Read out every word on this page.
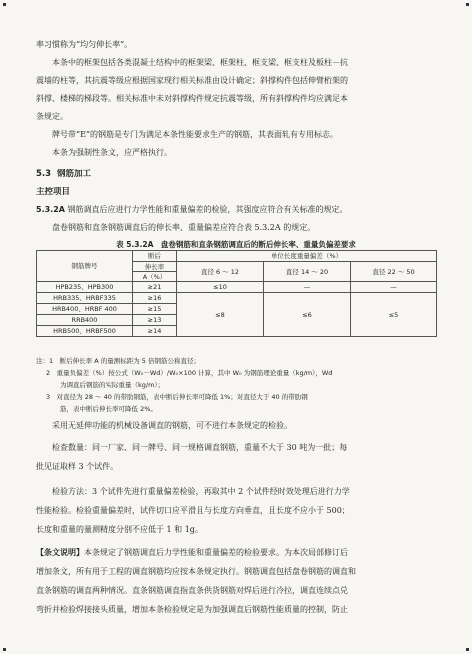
率习惯称为“均匀伸长率”。

本条中的框架包括各类混凝土结构中的框架梁、框架柱、框支梁、框支柱及板柱－抗

震墙的柱等，其抗震等级应根据国家现行相关标准由设计确定；斜撑构件包括伸臂桁架的

斜撑、楼梯的梯段等。相关标准中未对斜撑构件规定抗震等级，所有斜撑构件均应满足本

条规定。

牌号带“E”的钢筋是专门为满足本条性能要求生产的钢筋，其表面轧有专用标志。

本条为强制性条文，应严格执行。

5.3 钢筋加工
主控项目
5.3.2A 钢筋调直后应进行力学性能和重量偏差的检验，其强度应符合有关标准的规定。

盘卷钢筋和直条钢筋调直后的伸长率、重量偏差应符合表 5.3.2A 的规定。

表 5.3.2A　盘卷钢筋和直条钢筋调直后的断后伸长率、重量负偏差要求
钢筋牌号	断后	单位长度重量偏差（%）		
	伸长率	直径 6 ～ 12	直径 14 ～ 20	直径 22 ～ 50
	A（%）			
HPB235、HPB300	≥21	≤10	—	—
HRB335、HRBF335	≥16	≤8	≤6	≤5
HRB400、HRBF 400	≥15			
RRB400	≥13			
HRB500、HRBF500	≥14			
注：1　断后伸长率 A 的量测标距为 5 倍钢筋公称直径；
2　重量负偏差（%）按公式（W₀－Wd）/W₀×100 计算，其中 W₀ 为钢筋理论重量（kg/m），Wd
为调直后钢筋的实际重量（kg/m）；
3　对直径为 28 ～ 40 的带肋钢筋，表中断后伸长率可降低 1%；对直径大于 40 的带肋钢
筋，表中断后伸长率可降低 2%。

采用无延伸功能的机械设备调直的钢筋，可不进行本条规定的检验。

检查数量：同一厂家、同一牌号、同一规格调直钢筋，重量不大于 30 吨为一批；每

批见证取样 3 个试件。

检验方法：3 个试件先进行重量偏差检验，再取其中 2 个试件经时效处理后进行力学

性能检验。检验重量偏差时，试件切口应平滑且与长度方向垂直，且长度不应小于 500；

长度和重量的量测精度分别不应低于 1 和 1g。

【条文说明】本条规定了钢筋调直后力学性能和重量偏差的检验要求。为本次局部修订后

增加条文，所有用于工程的调直钢筋均应按本条规定执行。钢筋调直包括盘卷钢筋的调直和

直条钢筋的调直两种情况。直条钢筋调直指直条供货钢筋对焊后进行冷拉，调直连续点兑

弯折并检验焊接接头质量，增加本条检验规定是为加强调直后钢筋性能质量的控制，防止
